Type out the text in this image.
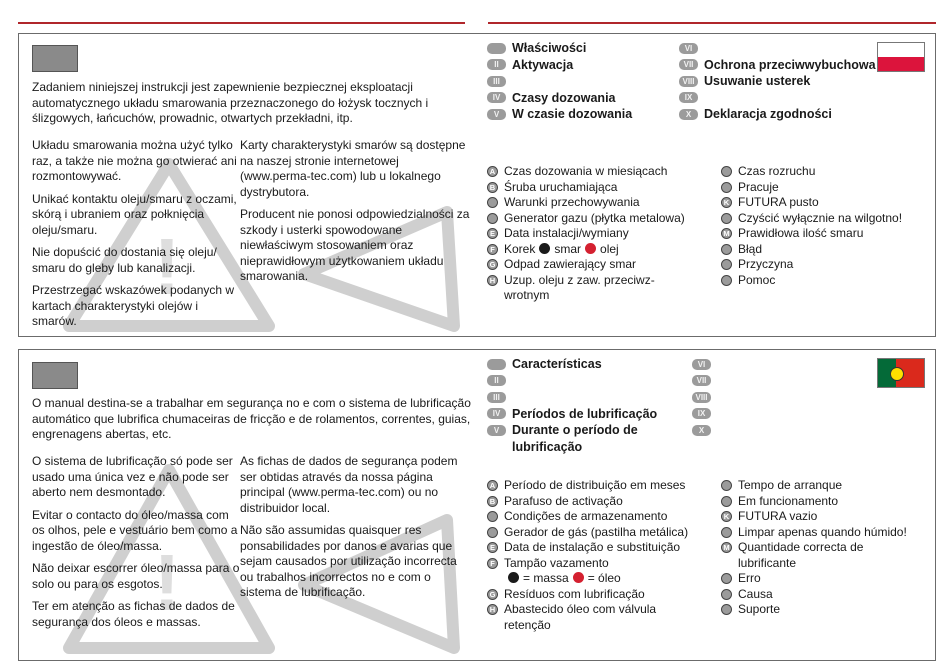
!
Zadaniem niniejszej instrukcji jest zapewnienie bezpiecznej eksploatacji automatycznego układu smarowania przeznaczonego do łożysk tocznych i ślizgowych, łańcuchów, prowadnic, otwartych przekładni, itp.

Układu smarowania można użyć tylko raz, a także nie można go otwierać ani rozmontowywać.

Unikać kontaktu oleju/smaru z oczami, skórą i ubraniem oraz połknięcia oleju/smaru.

Nie dopuścić do dostania się oleju/ smaru do gleby lub kanalizacji.

Przestrzegać wskazówek podanych w kartach charakterystyki olejów i smarów.

Karty charakterystyki smarów są dostępne na naszej stronie internetowej (www.perma-tec.com) lub u lokalnego dystrybutora.

Producent nie ponosi odpowiedzialności za szkody i usterki spowodowane niewłaściwym stosowaniem oraz nieprawidłowym użytkowaniem układu smarowania.

Właściwości
II	Aktywacja
III
IV Czasy dozowania
V	W czasie dozowania
VI
VII Ochrona przeciwwybuchowa
VIII Usuwanie usterek
IX
X	Deklaracja zgodności
A Czas dozowania w miesiącach
B Śruba uruchamiająca
Warunki przechowywania
Generator gazu (płytka metalowa)
E Data instalacji/wymiany
F Korek smar olej
G Odpad zawierający smar
H Uzup. oleju z zaw. przeciwz-
wrotnym
Czas rozruchu
Pracuje
K FUTURA pusto
Czyścić wyłącznie na wilgotno!
M Prawidłowa ilość smaru
Błąd
Przyczyna
Pomoc
!
O manual destina-se a trabalhar em segurança no e com o sistema de lubrificação automático que lubrifica chumaceiras de fricção e de rolamentos, correntes, guias, engrenagens abertas, etc.

O sistema de lubrificação só pode ser usado uma única vez e não pode ser aberto nem desmontado.

Evitar o contacto do óleo/massa com os olhos, pele e vestuário bem como a ingestão de óleo/massa.

Não deixar escorrer óleo/massa para o solo ou para os esgotos.

Ter em atenção as fichas de dados de segurança dos óleos e massas.

As fichas de dados de segurança podem ser obtidas através da nossa página principal (www.perma-tec.com) ou no distribuidor local.

Não são assumidas quaisquer res ponsabilidades por danos e avarias que sejam causados por utilização incorrecta ou trabalhos incorrectos no e com o sistema de lubrificação.

Características
II
III
IV Períodos de lubrificação
V	Durante o período de
lubrificação
VI
VII
VIII
IX
X
A Período de distribuição em meses
B Parafuso de activação
Condições de armazenamento
Gerador de gás (pastilha metálica)
E Data de instalação e substituição
F Tampão vazamento
= massa = óleo
G Resíduos com lubrificação
H Abastecido óleo com válvula
retenção
Tempo de arranque
Em funcionamento
K FUTURA vazio
Limpar apenas quando húmido!
M Quantidade correcta de
lubrificante
Erro
Causa
Suporte
